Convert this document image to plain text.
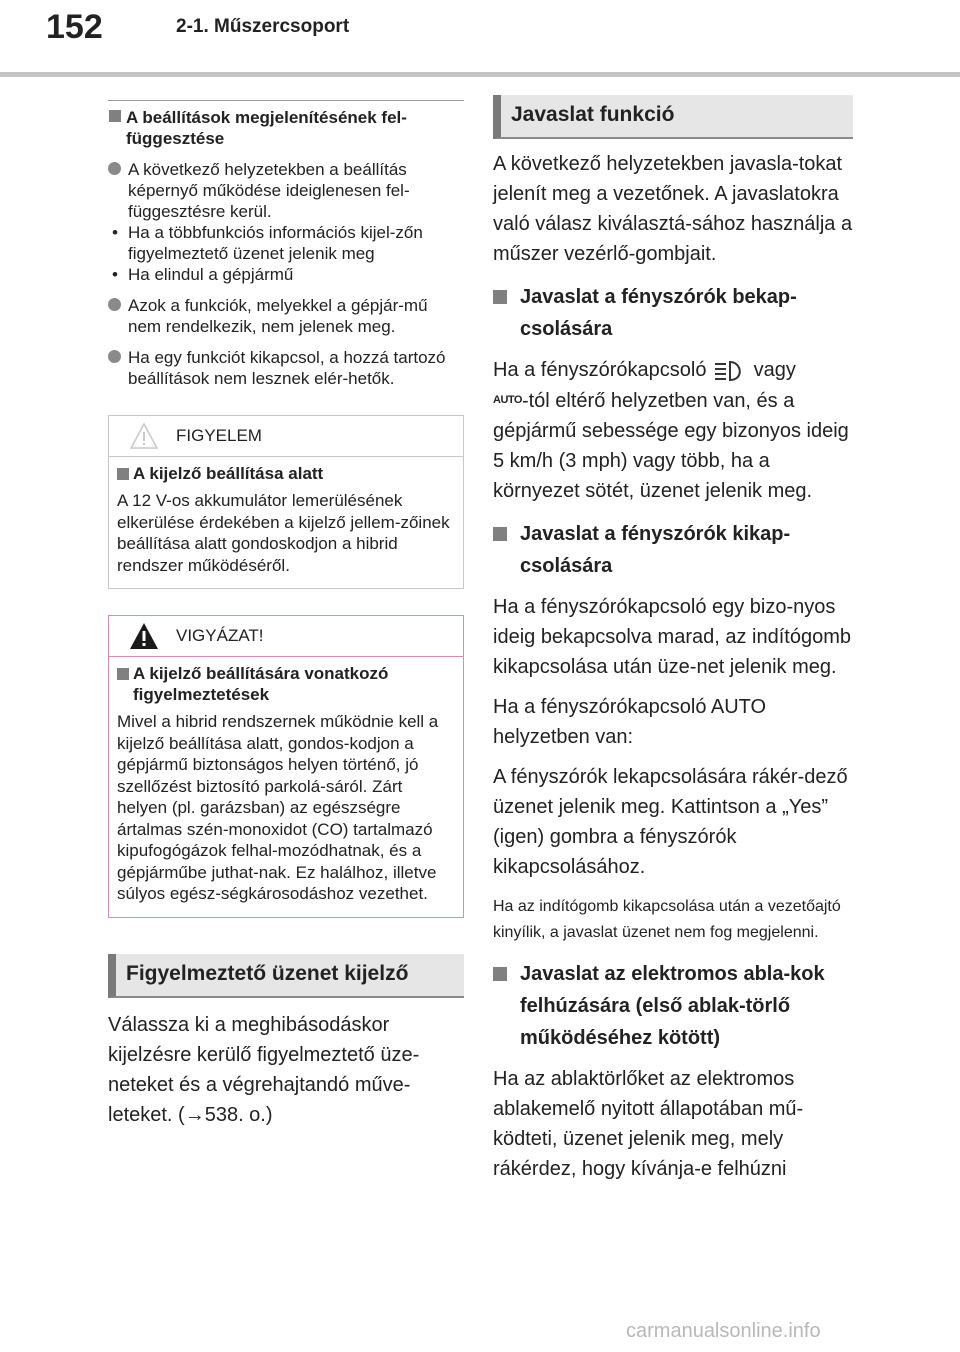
152	2-1. Műszercsoport
A beállítások megjelenítésének fel-függesztése
A következő helyzetekben a beállítás képernyő működése ideiglenesen fel-függesztésre kerül.
• Ha a többfunkciós információs kijel-zőn figyelmeztető üzenet jelenik meg
• Ha elindul a gépjármű
Azok a funkciók, melyekkel a gépjár-mű nem rendelkezik, nem jelenek meg.
Ha egy funkciót kikapcsol, a hozzá tartozó beállítások nem lesznek elér-hetők.
FIGYELEM
A kijelző beállítása alatt
A 12 V-os akkumulátor lemerülésének elkerülése érdekében a kijelző jellem-zőinek beállítása alatt gondoskodjon a hibrid rendszer működéséről.
VIGYÁZAT!
A kijelző beállítására vonatkozó figyelmeztetések
Mivel a hibrid rendszernek működnie kell a kijelző beállítása alatt, gondos-kodjon a gépjármű biztonságos helyen történő, jó szellőzést biztosító parkolá-sáról. Zárt helyen (pl. garázsban) az egészségre ártalmas szén-monoxidot (CO) tartalmazó kipufogógázok felhal-mozódhatnak, és a gépjárműbe juthat-nak. Ez halálhoz, illetve súlyos egész-ségkárosodáshoz vezethet.
Figyelmeztető üzenet kijelző
Válassza ki a meghibásodáskor kijelzésre kerülő figyelmeztető üze-neteket és a végrehajtandó műve-leteket. (→538. o.)
Javaslat funkció
A következő helyzetekben javasla-tokat jelenít meg a vezetőnek. A javaslatokra való válasz kiválasztá-sához használja a műszer vezérlő-gombjait.
Javaslat a fényszórók bekap-csolására
Ha a fényszórókapcsoló vagy
$^{AUTO}$-tól eltérő helyzetben van, és a gépjármű sebessége egy bizonyos ideig 5 km/h (3 mph) vagy több, ha a környezet sötét, üzenet jelenik meg.
Javaslat a fényszórók kikap-csolására
Ha a fényszórókapcsoló egy bizo-nyos ideig bekapcsolva marad, az indítógomb kikapcsolása után üze-net jelenik meg.
Ha a fényszórókapcsoló AUTO helyzetben van:
A fényszórók lekapcsolására rákér-dező üzenet jelenik meg. Kattintson a „Yes” (igen) gombra a fényszórók kikapcsolásához.
Ha az indítógomb kikapcsolása után a vezetőajtó kinyílik, a javaslat üzenet nem fog megjelenni.
Javaslat az elektromos abla-kok felhúzására (első ablak-törlő működéséhez kötött)
Ha az ablaktörlőket az elektromos ablakemelő nyitott állapotában mű-ködteti, üzenet jelenik meg, mely rákérdez, hogy kívánja-e felhúzni
carmanualsonline.info
